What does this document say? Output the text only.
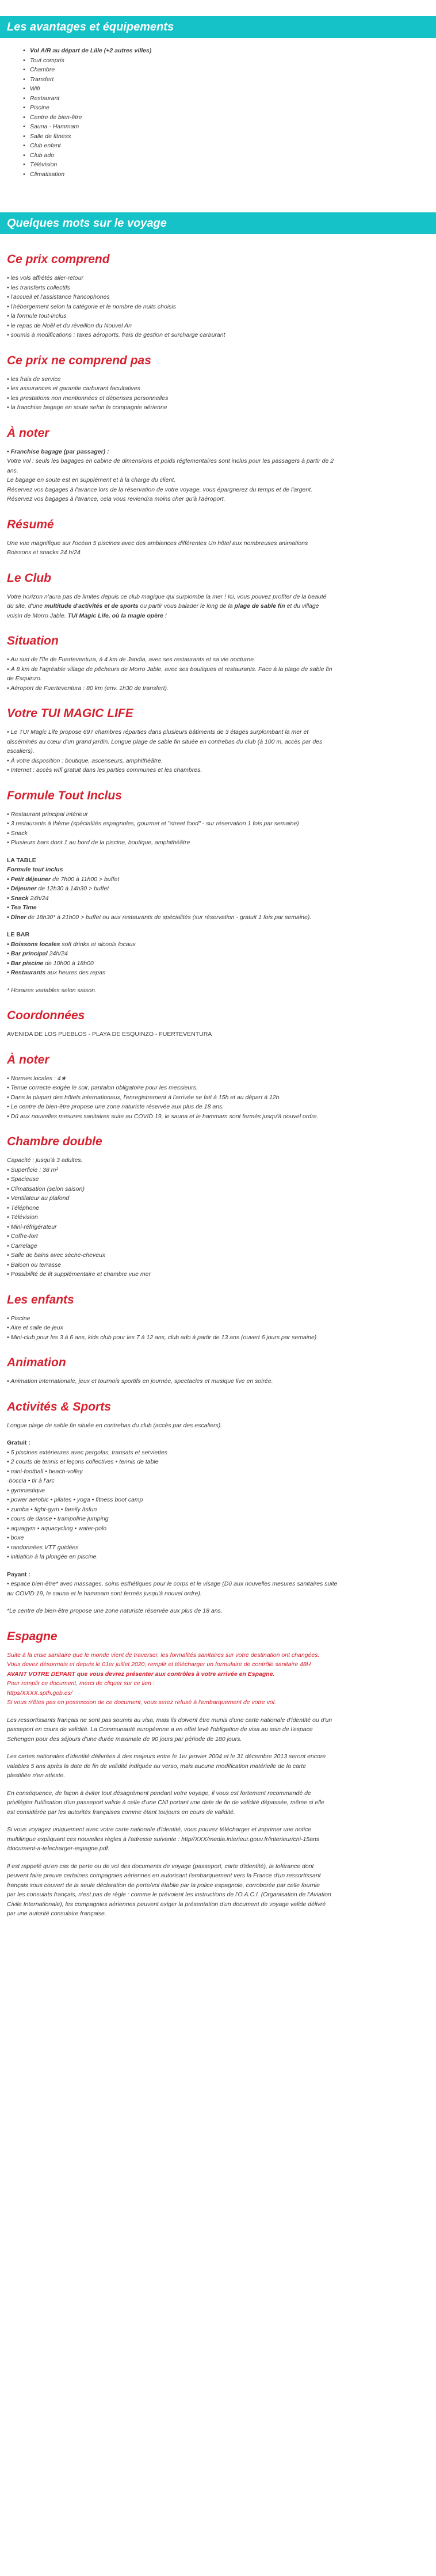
Les avantages et équipements
• Vol A/R au départ de Lille (+2 autres villes)
• Tout compris
• Chambre
• Transfert
• Wifi
• Restaurant
• Piscine
• Centre de bien-être
• Sauna - Hammam
• Salle de fitness
• Club enfant
• Club ado
• Télévision
• Climatisation
Quelques mots sur le voyage
Ce prix comprend

• les vols affrétés aller-retour

• les transferts collectifs

• l'accueil et l'assistance francophones

• l'hébergement selon la catégorie et le nombre de nuits choisis

• la formule tout-inclus

• le repas de Noël et du réveillon du Nouvel An

• soumis à modifications : taxes aéroports, frais de gestion et surcharge carburant

Ce prix ne comprend pas

• les frais de service

• les assurances et garantie carburant facultatives

• les prestations non mentionnées et dépenses personnelles

• la franchise bagage en soute selon la compagnie aérienne

À noter

• Franchise bagage (par passager) :

Votre vol : seuls les bagages en cabine de dimensions et poids réglementaires sont inclus pour les passagers à partir de 2

ans.

Le bagage en soute est en supplément et à la charge du client.

Réservez vos bagages à l'avance lors de la réservation de votre voyage, vous épargnerez du temps et de l'argent.

Réservez vos bagages à l'avance, cela vous reviendra moins cher qu'à l'aéroport.

Résumé

Une vue magnifique sur l'océan 5 piscines avec des ambiances différentes Un hôtel aux nombreuses animations

Boissons et snacks 24 h/24

Le Club

Votre horizon n'aura pas de limites depuis ce club magique qui surplombe la mer ! Ici, vous pouvez profiter de la beauté

du site, d'une multitude d'activités et de sports ou partir vous balader le long de la plage de sable fin et du village

voisin de Morro Jable. TUI Magic Life, où la magie opère !

Situation

• Au sud de l'île de Fuerteventura, à 4 km de Jandia, avec ses restaurants et sa vie nocturne.

• À 8 km de l'agréable village de pêcheurs de Morro Jable, avec ses boutiques et restaurants. Face à la plage de sable fin

de Esquinzo.

• Aéroport de Fuerteventura : 80 km (env. 1h30 de transfert).

Votre TUI MAGIC LIFE

• Le TUI Magic Life propose 697 chambres réparties dans plusieurs bâtiments de 3 étages surplombant la mer et

disséminés au cœur d'un grand jardin. Longue plage de sable fin située en contrebas du club (à 100 m, accès par des

escaliers).

• À votre disposition : boutique, ascenseurs, amphithéâtre.

• Internet : accès wifi gratuit dans les parties communes et les chambres.

Formule Tout Inclus

• Restaurant principal intérieur

• 3 restaurants à thème (spécialités espagnoles, gourmet et "street food" - sur réservation 1 fois par semaine)

• Snack

• Plusieurs bars dont 1 au bord de la piscine, boutique, amphithéâtre

LA TABLE

Formule tout inclus

• Petit déjeuner de 7h00 à 11h00 > buffet

• Déjeuner de 12h30 à 14h30 > buffet

• Snack 24h/24

• Tea Time

• Dîner de 18h30* à 21h00 > buffet ou aux restaurants de spécialités (sur réservation - gratuit 1 fois par semaine).

LE BAR

• Boissons locales soft drinks et alcools locaux

• Bar principal 24h/24

• Bar piscine de 10h00 à 18h00

• Restaurants aux heures des repas

* Horaires variables selon saison.

Coordonnées

AVENIDA DE LOS PUEBLOS - PLAYA DE ESQUINZO - FUERTEVENTURA

À noter

• Normes locales : 4★

• Tenue correcte exigée le soir, pantalon obligatoire pour les messieurs.

• Dans la plupart des hôtels internationaux, l'enregistrement à l'arrivée se fait à 15h et au départ à 12h.

• Le centre de bien-être propose une zone naturiste réservée aux plus de 18 ans.

• Dû aux nouvelles mesures sanitaires suite au COVID 19, le sauna et le hammam sont fermés jusqu'à nouvel ordre.

Chambre double

Capacité : jusqu'à 3 adultes.

• Superficie : 38 m²

• Spacieuse

• Climatisation (selon saison)

• Ventilateur au plafond

• Téléphone

• Télévision

• Mini-réfrigérateur

• Coffre-fort

• Carrelage

• Salle de bains avec sèche-cheveux

• Balcon ou terrasse

• Possibilité de lit supplémentaire et chambre vue mer

Les enfants

• Piscine

• Aire et salle de jeux

• Mini-club pour les 3 à 6 ans, kids club pour les 7 à 12 ans, club ado à partir de 13 ans (ouvert 6 jours par semaine)

Animation

• Animation internationale, jeux et tournois sportifs en journée, spectacles et musique live en soirée.

Activités & Sports

Longue plage de sable fin située en contrebas du club (accès par des escaliers).

Gratuit :

• 5 piscines extérieures avec pergolas, transats et serviettes

• 2 courts de tennis et leçons collectives • tennis de table

• mini-football • beach-volley

·boccia • tir à l'arc

• gymnastique

• power aerobic • pilates • yoga • fitness boot camp

• zumba • fight-gym • family Itsfun

• cours de danse • trampoline jumping

• aquagym • aquacycling • water-polo

• boxe

• randonnées VTT guidées

• initiation à la plongée en piscine.

Payant :

• espace bien-être* avec massages, soins esthétiques pour le corps et le visage (Dû aux nouvelles mesures sanitaires suite

au COVID 19, le sauna et le hammam sont fermés jusqu'à nouvel ordre).

*Le centre de bien-être propose une zone naturiste réservée aux plus de 18 ans.

Espagne

Suite à la crise sanitaire que le monde vient de traverser, les formalités sanitaires sur votre destination ont changées.

Vous devez désormais et depuis le 01er juillet 2020, remplir et télécharger un formulaire de contrôle sanitaire 48H

AVANT VOTRE DÉPART que vous devrez présenter aux contrôles à votre arrivée en Espagne.

Pour remplir ce document, merci de cliquer sur ce lien :

https/XXXX.spth.gob.es/

Si vous n'êtes pas en possession de ce document, vous serez refusé à l'embarquement de votre vol.

Les ressortissants français ne sont pas soumis au visa, mais ils doivent être munis d'une carte nationale d'identité ou d'un

passeport en cours de validité. La Communauté européenne a en effet levé l'obligation de visa au sein de l'espace

Schengen pour des séjours d'une durée maximale de 90 jours par période de 180 jours.

Les cartes nationales d'identité délivrées à des majeurs entre le 1er janvier 2004 et le 31 décembre 2013 seront encore

valables 5 ans après la date de fin de validité indiquée au verso, mais aucune modification matérielle de la carte

plastifiée n'en atteste.

En conséquence, de façon à éviter tout désagrément pendant votre voyage, il vous est fortement recommandé de

privilégier l'utilisation d'un passeport valide à celle d'une CNI portant une date de fin de validité dépassée, même si elle

est considérée par les autorités françaises comme étant toujours en cours de validité.

Si vous voyagez uniquement avec votre carte nationale d'identité, vous pouvez télécharger et imprimer une notice

multilingue expliquant ces nouvelles règles à l'adresse suivante : http//XXX/media.interieur.gouv.fr/interieur/cni-15ans

/document-a-telecharger-espagne.pdf.

Il est rappelé qu'en cas de perte ou de vol des documents de voyage (passeport, carte d'identité), la tolérance dont

peuvent faire preuve certaines compagnies aériennes en autorisant l'embarquement vers la France d'un ressortissant

français sous couvert de la seule déclaration de perte/vol établie par la police espagnole, corroborée par celle fournie

par les consulats français, n'est pas de règle : comme le prévoient les instructions de l'O.A.C.I. (Organisation de l'Aviation

Civile Internationale), les compagnies aériennes peuvent exiger la présentation d'un document de voyage valide délivré

par une autorité consulaire française.
